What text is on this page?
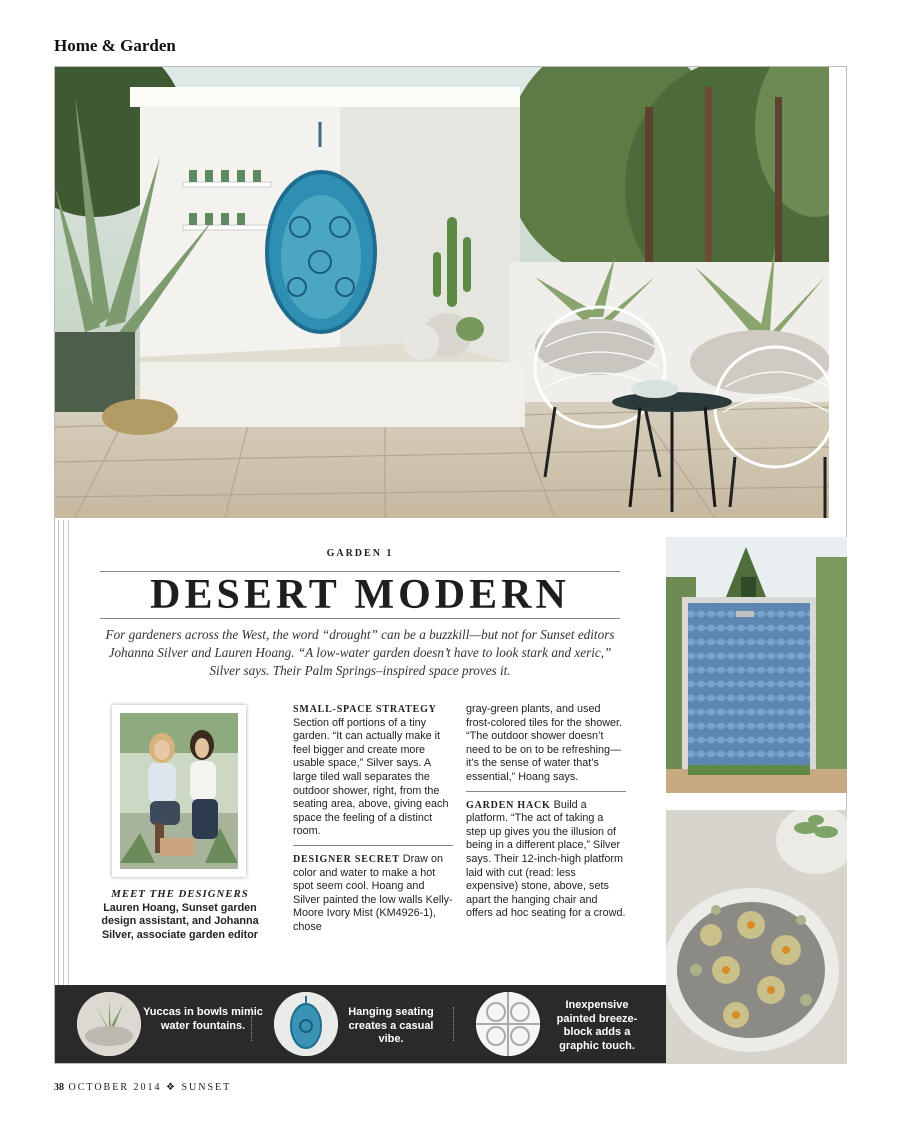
Home & Garden
GARDEN 1
DESERT MODERN
For gardeners across the West, the word “drought” can be a buzzkill—but not for Sunset editors Johanna Silver and Lauren Hoang. “A low-water garden doesn’t have to look stark and xeric,” Silver says. Their Palm Springs–inspired space proves it.
MEET THE DESIGNERS
Lauren Hoang, Sunset garden design assistant, and Johanna Silver, associate garden editor
SMALL-SPACE STRATEGY
Section off portions of a tiny garden. “It can actually make it feel bigger and create more usable space,” Silver says. A large tiled wall separates the outdoor shower, right, from the seating area, above, giving each space the feeling of a distinct room.
DESIGNER SECRET Draw on color and water to make a hot spot seem cool. Hoang and Silver painted the low walls Kelly-Moore Ivory Mist (KM4926-1), chose
gray-green plants, and used frost-colored tiles for the shower. “The outdoor shower doesn’t need to be on to be refreshing—it’s the sense of water that’s essential,” Hoang says.
GARDEN HACK Build a platform. “The act of taking a step up gives you the illusion of being in a different place,” Silver says. Their 12-inch-high platform laid with cut (read: less expensive) stone, above, sets apart the hanging chair and offers ad hoc seating for a crowd.
Yuccas in bowls mimic water fountains.
Hanging seating creates a casual vibe.
Inexpensive painted breeze-block adds a graphic touch.
38 OCTOBER 2014 ❖ SUNSET
